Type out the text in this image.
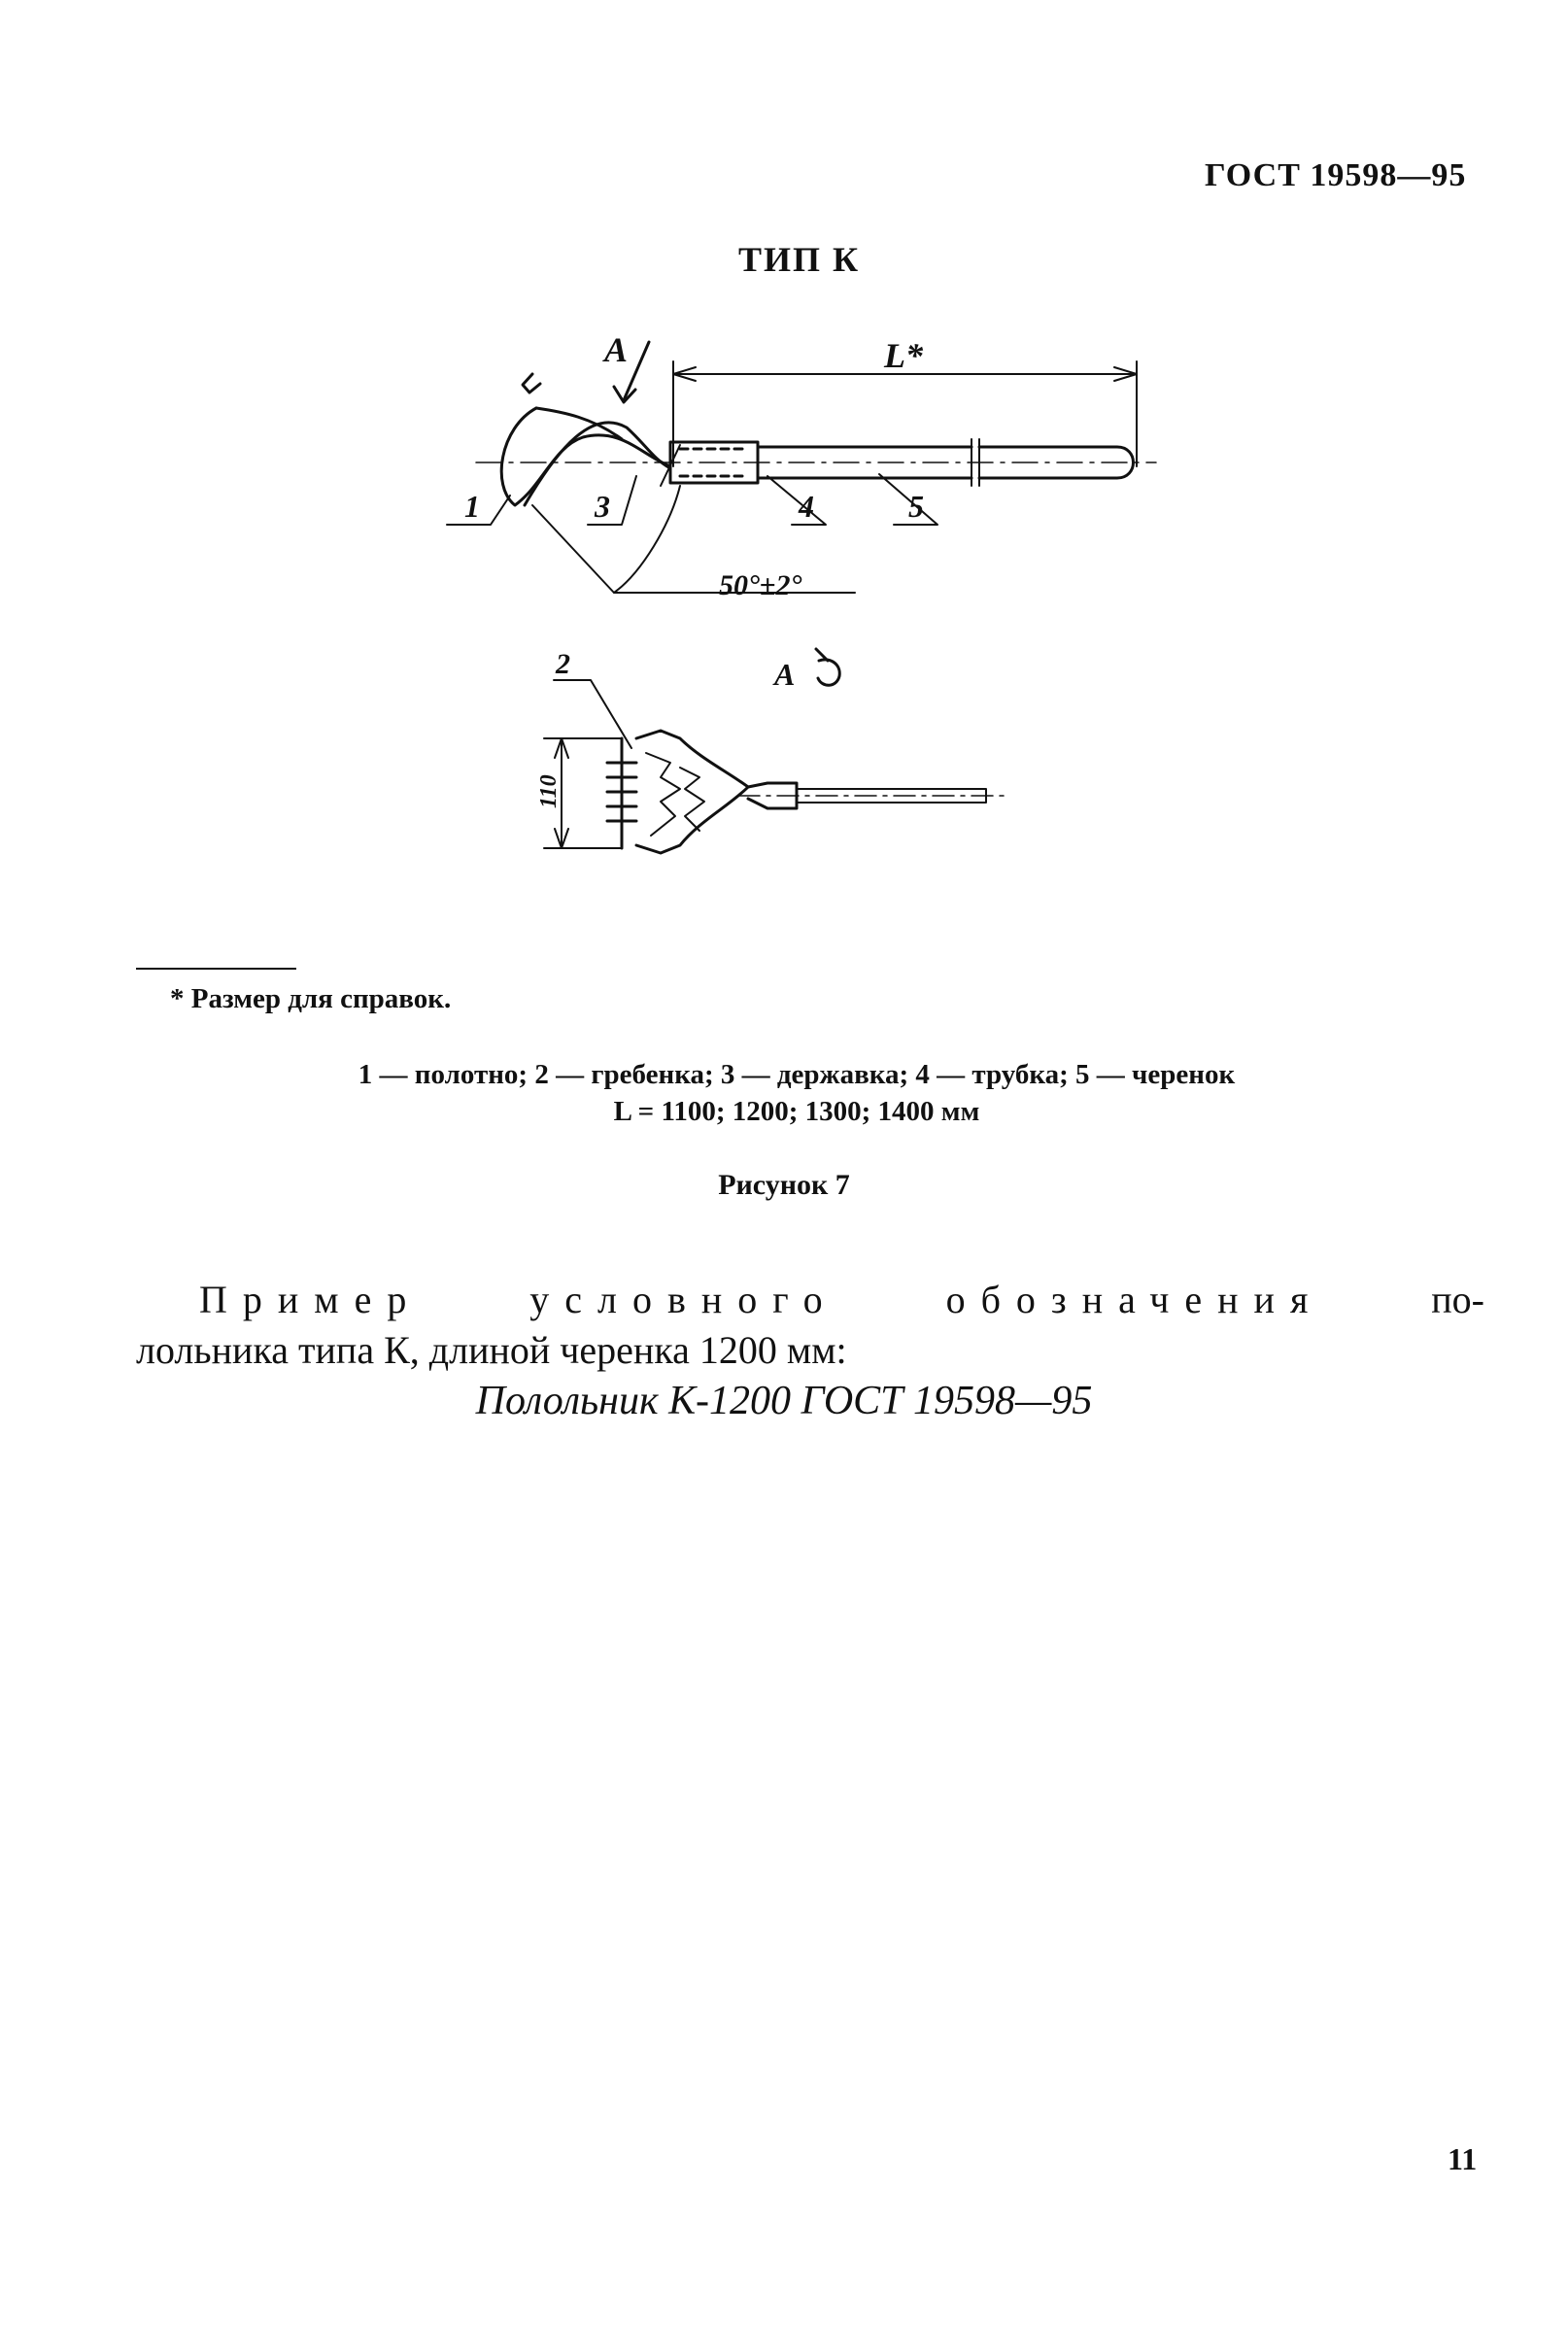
ГОСТ 19598—95
ТИП К
А	L*
50°±2°
1	3	4	5
А
2
110
* Размер для справок.
1 — полотно; 2 — гребенка; 3 — державка; 4 — трубка; 5 — черенок
L = 1100; 1200; 1300; 1400 мм
Рисунок 7
Пример	условного	обозначения	по-
лольника типа К, длиной черенка 1200 мм:
Полольник К-1200 ГОСТ 19598—95
11
